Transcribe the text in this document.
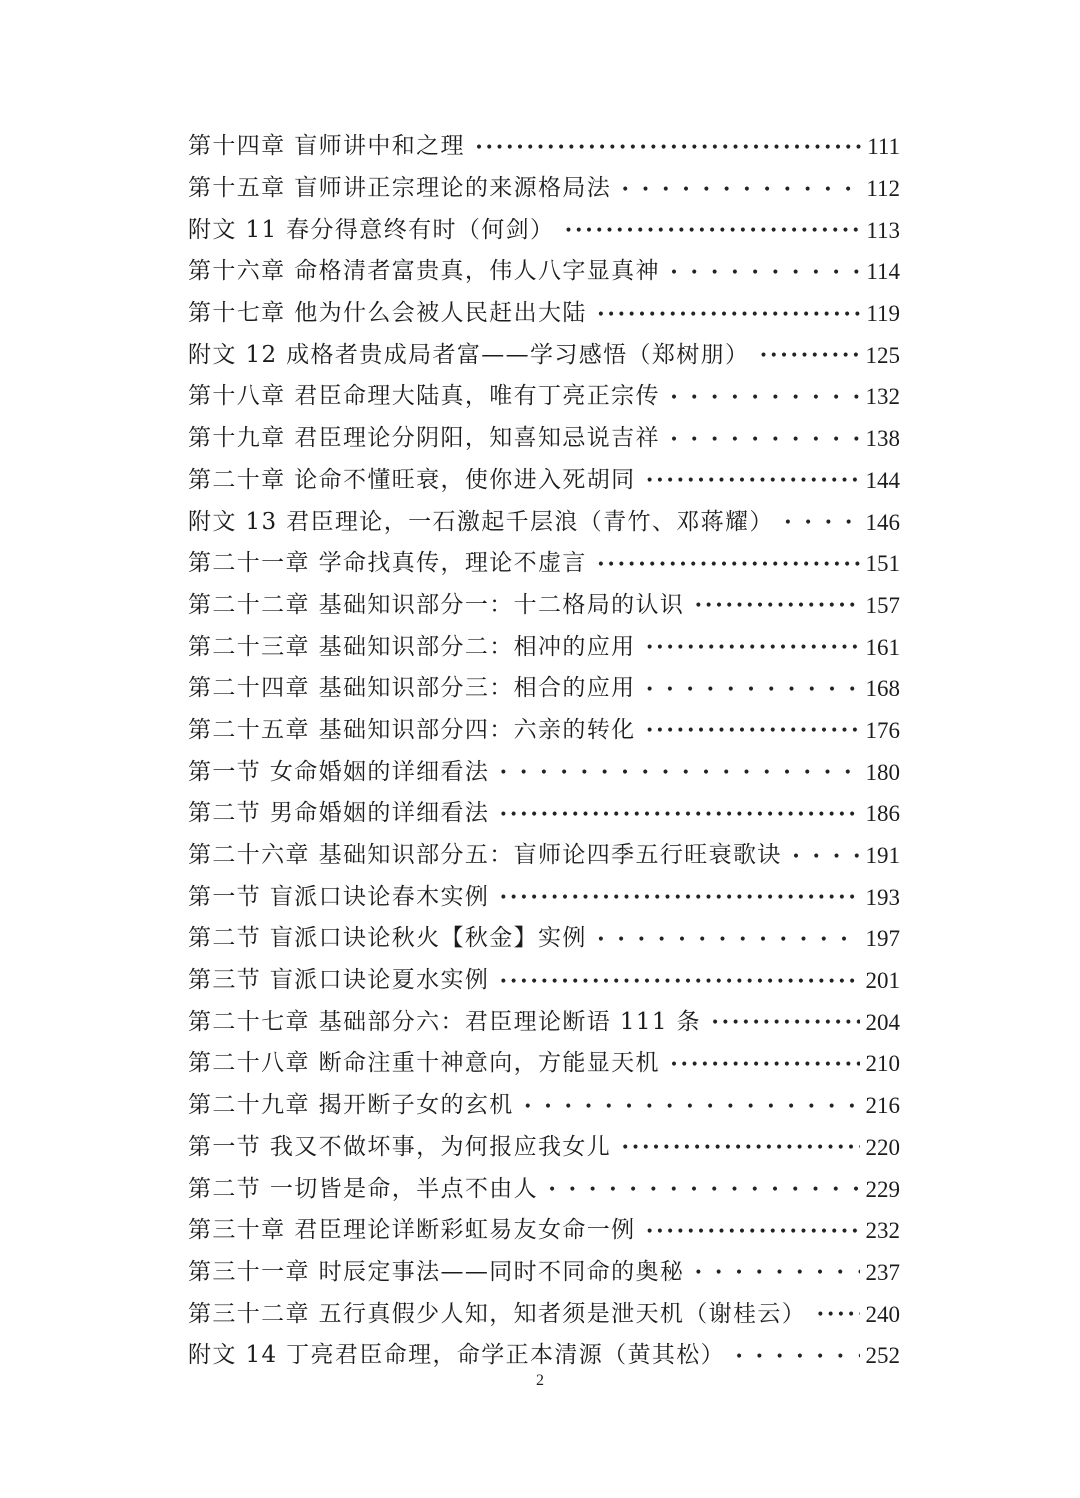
第十四章 盲师讲中和之理 •••••	111
第十五章 盲师讲正宗理论的来源格局法 •••••	112
附文 11 春分得意终有时（何剑） •••••	113
第十六章 命格清者富贵真，伟人八字显真神 •••••	114
第十七章 他为什么会被人民赶出大陆 •••••	119
附文 12 成格者贵成局者富——学习感悟（郑树朋） •••••	125
第十八章 君臣命理大陆真，唯有丁亮正宗传 •••••	132
第十九章 君臣理论分阴阳，知喜知忌说吉祥 •••••	138
第二十章 论命不懂旺衰，使你进入死胡同 •••••	144
附文 13 君臣理论，一石激起千层浪（青竹、邓蒋耀） •••••	146
第二十一章 学命找真传，理论不虚言 •••••	151
第二十二章 基础知识部分一：十二格局的认识 •••••	157
第二十三章 基础知识部分二：相冲的应用 •••••	161
第二十四章 基础知识部分三：相合的应用 •••••	168
第二十五章 基础知识部分四：六亲的转化 •••••	176
第一节 女命婚姻的详细看法 •••••	180
第二节 男命婚姻的详细看法 •••••	186
第二十六章 基础知识部分五：盲师论四季五行旺衰歌诀 •••••	191
第一节 盲派口诀论春木实例 •••••	193
第二节 盲派口诀论秋火【秋金】实例 •••••	197
第三节 盲派口诀论夏水实例 •••••	201
第二十七章 基础部分六：君臣理论断语 111 条 •••••	204
第二十八章 断命注重十神意向，方能显天机 •••••	210
第二十九章 揭开断子女的玄机 •••••	216
第一节 我又不做坏事，为何报应我女儿 •••••	220
第二节 一切皆是命，半点不由人 •••••	229
第三十章 君臣理论详断彩虹易友女命一例 •••••	232
第三十一章 时辰定事法——同时不同命的奥秘 •••••	237
第三十二章 五行真假少人知，知者须是泄天机（谢桂云） •••••	240
附文 14 丁亮君臣命理，命学正本清源（黄其松） •••••	252
2
